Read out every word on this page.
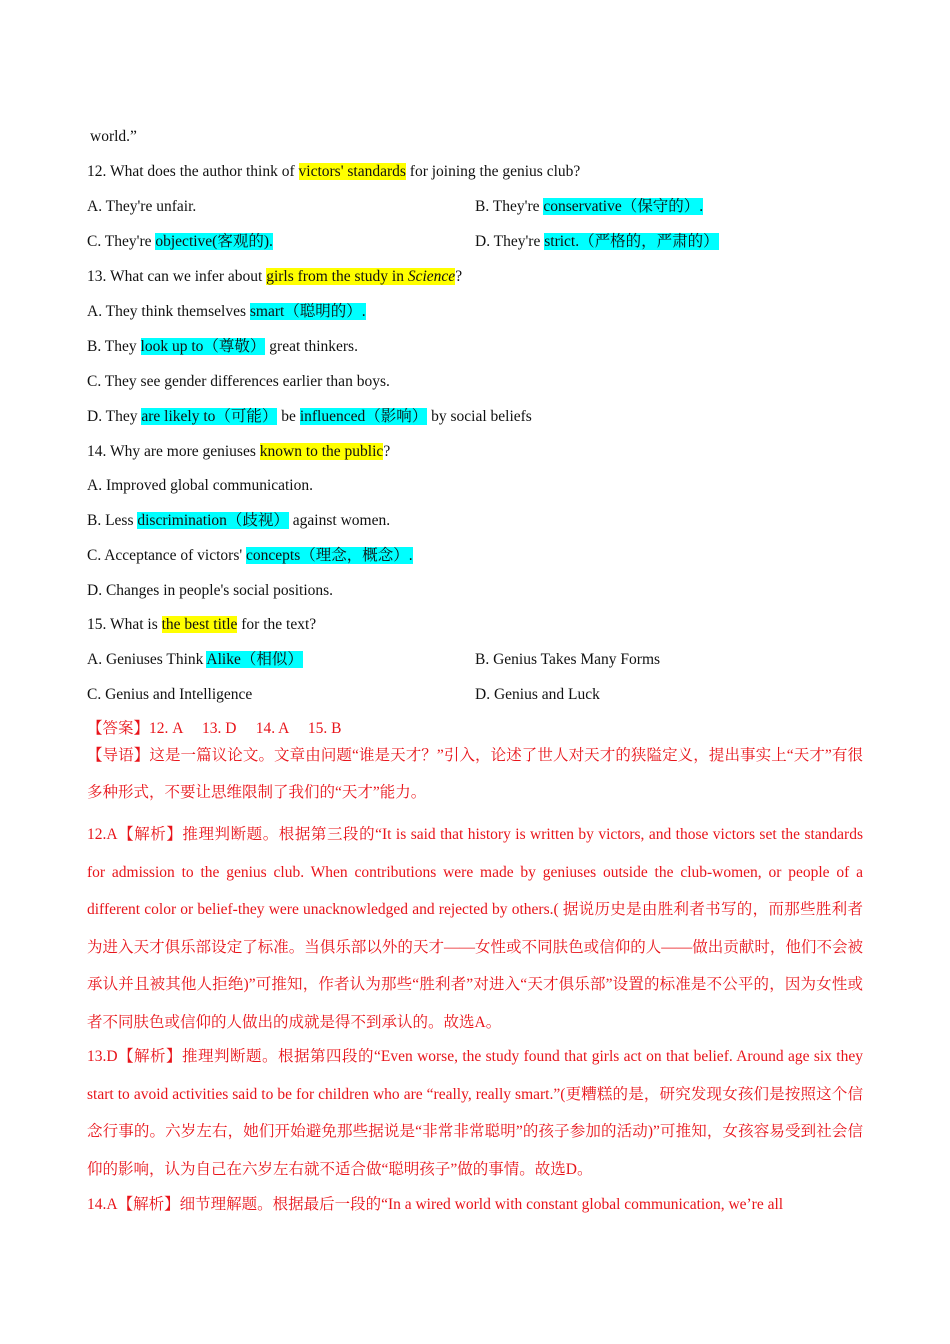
world.”
12. What does the author think of victors' standards for joining the genius club?
A. They're unfair.	B. They're conservative（保守的）.
C. They're objective(客观的).	D. They're strict.（严格的，严肃的）
13. What can we infer about girls from the study in Science?
A. They think themselves smart（聪明的）.
B. They look up to（尊敬） great thinkers.
C. They see gender differences earlier than boys.
D. They are likely to（可能） be influenced（影响） by social beliefs
14. Why are more geniuses known to the public?
A. Improved global communication.
B. Less discrimination（歧视） against women.
C. Acceptance of victors' concepts（理念，概念）.
D. Changes in people's social positions.
15. What is the best title for the text?
A. Geniuses Think Alike（相似）	B. Genius Takes Many Forms
C. Genius and Intelligence	D. Genius and Luck
【答案】12. A　 13. D　 14. A　 15. B
【导语】这是一篇议论文。文章由问题“谁是天才？”引入，论述了世人对天才的狭隘定义，提出事实上“天才”有很多种形式，不要让思维限制了我们的“天才”能力。
12.A【解析】推理判断题。根据第三段的“It is said that history is written by victors, and those victors set the standards for admission to the genius club. When contributions were made by geniuses outside the club-women, or people of a different color or belief-they were unacknowledged and rejected by others.( 据说历史是由胜利者书写的，而那些胜利者为进入天才俱乐部设定了标准。当俱乐部以外的天才——女性或不同肤色或信仰的人——做出贡献时，他们不会被承认并且被其他人拒绝)”可推知，作者认为那些“胜利者”对进入“天才俱乐部”设置的标准是不公平的，因为女性或者不同肤色或信仰的人做出的成就是得不到承认的。故选A。
13.D【解析】推理判断题。根据第四段的“Even worse, the study found that girls act on that belief. Around age six they start to avoid activities said to be for children who are “really, really smart.”(更糟糕的是，研究发现女孩们是按照这个信念行事的。六岁左右，她们开始避免那些据说是“非常非常聪明”的孩子参加的活动)”可推知，女孩容易受到社会信仰的影响，认为自己在六岁左右就不适合做“聪明孩子”做的事情。故选D。
14.A【解析】细节理解题。根据最后一段的“In a wired world with constant global communication, we’re all
